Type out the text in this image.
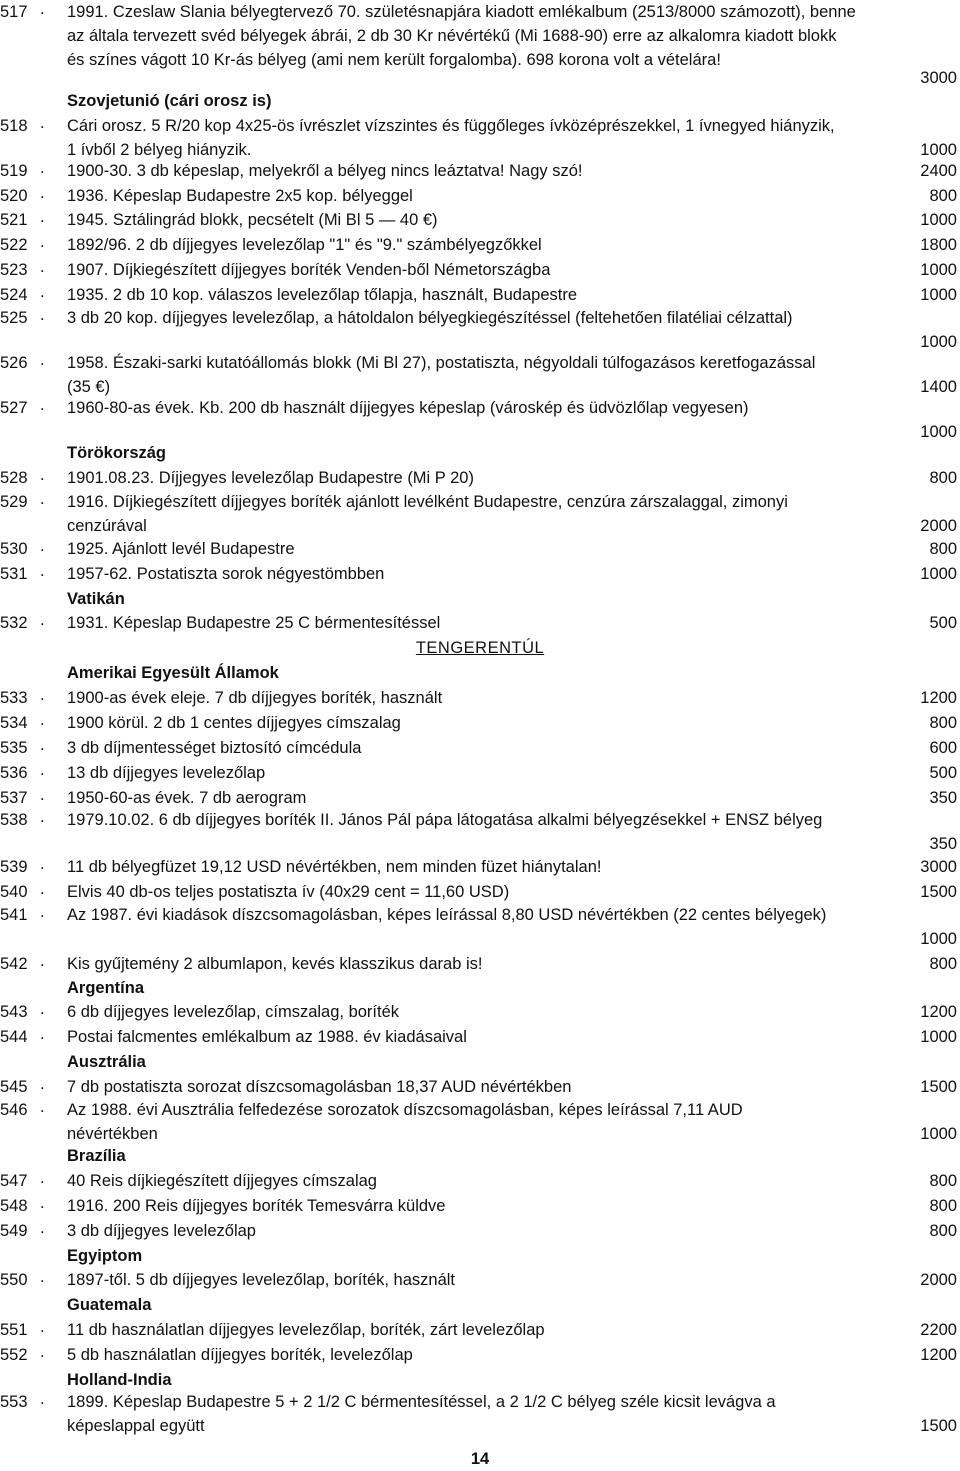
517 . 1991. Czeslaw Slania bélyegtervező 70. születésnapjára kiadott emlékalbum (2513/8000 számozott), benne az általa tervezett svéd bélyegek ábrái, 2 db 30 Kr névértékű (Mi 1688-90) erre az alkalomra kiadott blokk és színes vágott 10 Kr-ás bélyeg (ami nem került forgalomba). 698 korona volt a vételára!
3000
518 . Cári orosz. 5 R/20 kop 4x25-ös ívrészlet vízszintes és függőleges ívközéprészekkel, 1 ívnegyed hiányzik, 1 ívből 2 bélyeg hiányzik.	1000
519 . 1900-30. 3 db képeslap, melyekről a bélyeg nincs leáztatva! Nagy szó!	2400
520 . 1936. Képeslap Budapestre 2x5 kop. bélyeggel	800
521 . 1945. Sztálingrád blokk, pecsételt (Mi Bl 5 — 40 €)	1000
522 . 1892/96. 2 db díjjegyes levelezőlap "1" és "9." számbélyegzőkkel	1800
523 . 1907. Díjkiegészített díjjegyes boríték Venden-ből Németországba	1000
524 . 1935. 2 db 10 kop. válaszos levelezőlap tőlapja, használt, Budapestre	1000
525 . 3 db 20 kop. díjjegyes levelezőlap, a hátoldalon bélyegkiegészítéssel (feltehetően filatéliai célzattal)
1000
526 . 1958. Északi-sarki kutatóállomás blokk (Mi Bl 27), postatiszta, négyoldali túlfogazásos keretfogazással (35 €)	1400
527 . 1960-80-as évek. Kb. 200 db használt díjjegyes képeslap (városkép és üdvözlőlap vegyesen)
1000
528 . 1901.08.23. Díjjegyes levelezőlap Budapestre (Mi P 20)	800
529 . 1916. Díjkiegészített díjjegyes boríték ajánlott levélként Budapestre, cenzúra zárszalaggal, zimonyi cenzúrával	2000
530 . 1925. Ajánlott levél Budapestre	800
531 . 1957-62. Postatiszta sorok négyestömbben	1000
532 . 1931. Képeslap Budapestre 25 C bérmentesítéssel	500
533 . 1900-as évek eleje. 7 db díjjegyes boríték, használt	1200
534 . 1900 körül. 2 db 1 centes díjjegyes címszalag	800
535 . 3 db díjmentességet biztosító címcédula	600
536 . 13 db díjjegyes levelezőlap	500
537 . 1950-60-as évek. 7 db aerogram	350
538 . 1979.10.02. 6 db díjjegyes boríték II. János Pál pápa látogatása alkalmi bélyegzésekkel + ENSZ bélyeg
350
539 . 11 db bélyegfüzet 19,12 USD névértékben, nem minden füzet hiánytalan!	3000
540 . Elvis 40 db-os teljes postatiszta ív (40x29 cent = 11,60 USD)	1500
541 . Az 1987. évi kiadások díszcsomagolásban, képes leírással 8,80 USD névértékben (22 centes bélyegek)
1000
542 . Kis gyűjtemény 2 albumlapon, kevés klasszikus darab is!	800
543 . 6 db díjjegyes levelezőlap, címszalag, boríték	1200
544 . Postai falcmentes emlékalbum az 1988. év kiadásaival	1000
545 . 7 db postatiszta sorozat díszcsomagolásban 18,37 AUD névértékben	1500
546 . Az 1988. évi Ausztrália felfedezése sorozatok díszcsomagolásban, képes leírással 7,11 AUD névértékben	1000
547 . 40 Reis díjkiegészített díjjegyes címszalag	800
548 . 1916. 200 Reis díjjegyes boríték Temesvárra küldve	800
549 . 3 db díjjegyes levelezőlap	800
550 . 1897-től. 5 db díjjegyes levelezőlap, boríték, használt	2000
551 . 11 db használatlan díjjegyes levelezőlap, boríték, zárt levelezőlap	2200
552 . 5 db használatlan díjjegyes boríték, levelezőlap	1200
553 . 1899. Képeslap Budapestre 5 + 2 1/2 C bérmentesítéssel, a 2 1/2 C bélyeg széle kicsit levágva a képeslappal együtt	1500
Szovjetunió (cári orosz is)
Törökország
Vatikán
Amerikai Egyesült Államok
Argentína
Ausztrália
Brazília
Egyiptom
Guatemala
Holland-India
TENGERENTÚL
14
